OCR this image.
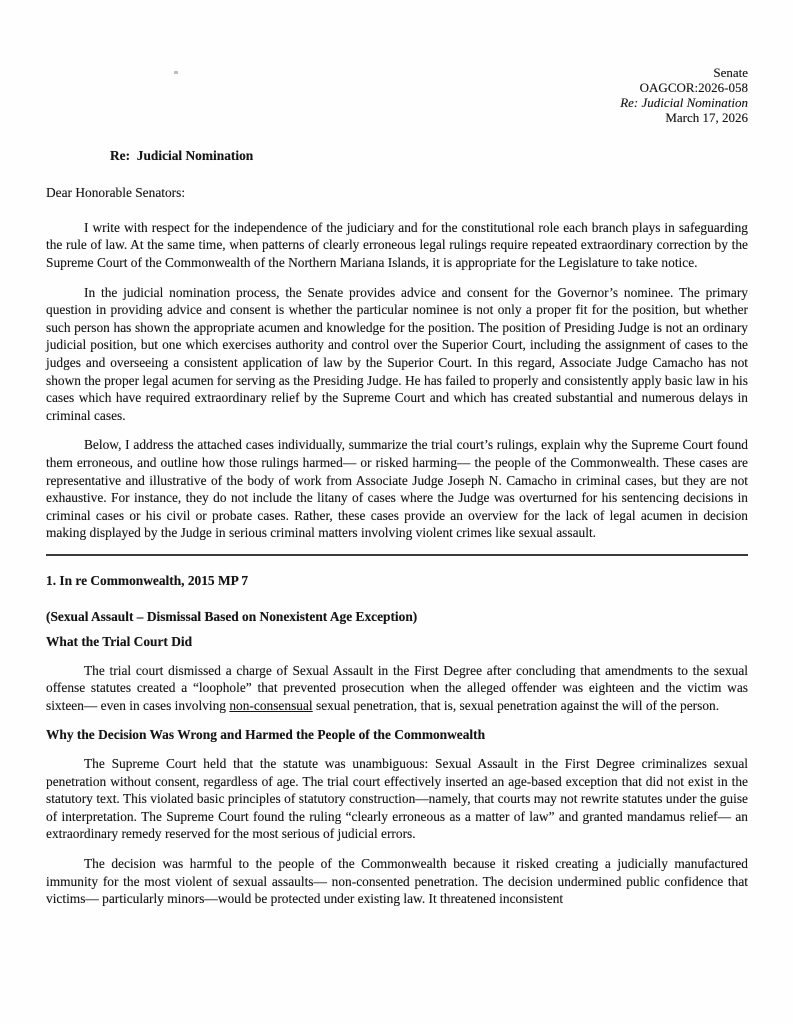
Senate
OAGCOR:2026-058
Re: Judicial Nomination
March 17, 2026
Re:  Judicial Nomination
Dear Honorable Senators:

I write with respect for the independence of the judiciary and for the constitutional role each branch plays in safeguarding the rule of law. At the same time, when patterns of clearly erroneous legal rulings require repeated extraordinary correction by the Supreme Court of the Commonwealth of the Northern Mariana Islands, it is appropriate for the Legislature to take notice.

In the judicial nomination process, the Senate provides advice and consent for the Governor’s nominee. The primary question in providing advice and consent is whether the particular nominee is not only a proper fit for the position, but whether such person has shown the appropriate acumen and knowledge for the position. The position of Presiding Judge is not an ordinary judicial position, but one which exercises authority and control over the Superior Court, including the assignment of cases to the judges and overseeing a consistent application of law by the Superior Court. In this regard, Associate Judge Camacho has not shown the proper legal acumen for serving as the Presiding Judge. He has failed to properly and consistently apply basic law in his cases which have required extraordinary relief by the Supreme Court and which has created substantial and numerous delays in criminal cases.

Below, I address the attached cases individually, summarize the trial court’s rulings, explain why the Supreme Court found them erroneous, and outline how those rulings harmed— or risked harming— the people of the Commonwealth. These cases are representative and illustrative of the body of work from Associate Judge Joseph N. Camacho in criminal cases, but they are not exhaustive. For instance, they do not include the litany of cases where the Judge was overturned for his sentencing decisions in criminal cases or his civil or probate cases. Rather, these cases provide an overview for the lack of legal acumen in decision making displayed by the Judge in serious criminal matters involving violent crimes like sexual assault.

1. In re Commonwealth, 2015 MP 7
(Sexual Assault – Dismissal Based on Nonexistent Age Exception)
What the Trial Court Did

The trial court dismissed a charge of Sexual Assault in the First Degree after concluding that amendments to the sexual offense statutes created a “loophole” that prevented prosecution when the alleged offender was eighteen and the victim was sixteen— even in cases involving non-consensual sexual penetration, that is, sexual penetration against the will of the person.

Why the Decision Was Wrong and Harmed the People of the Commonwealth

The Supreme Court held that the statute was unambiguous: Sexual Assault in the First Degree criminalizes sexual penetration without consent, regardless of age. The trial court effectively inserted an age-based exception that did not exist in the statutory text. This violated basic principles of statutory construction—namely, that courts may not rewrite statutes under the guise of interpretation. The Supreme Court found the ruling “clearly erroneous as a matter of law” and granted mandamus relief— an extraordinary remedy reserved for the most serious of judicial errors.

The decision was harmful to the people of the Commonwealth because it risked creating a judicially manufactured immunity for the most violent of sexual assaults— non-consented penetration. The decision undermined public confidence that victims— particularly minors—would be protected under existing law. It threatened inconsistent
